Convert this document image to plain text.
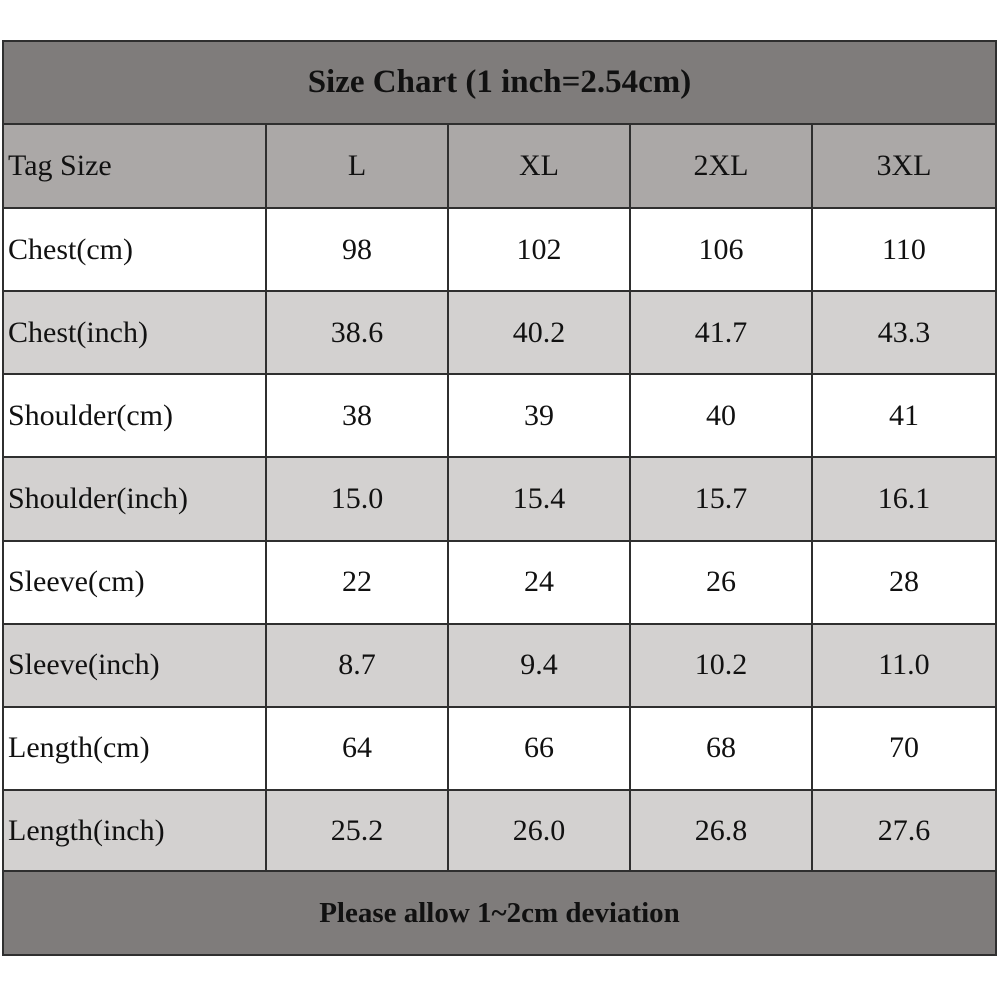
Size Chart (1 inch=2.54cm)
Tag Size	L	XL	2XL	3XL
Chest(cm)	98	102	106	110
Chest(inch)	38.6	40.2	41.7	43.3
Shoulder(cm)	38	39	40	41
Shoulder(inch)	15.0	15.4	15.7	16.1
Sleeve(cm)	22	24	26	28
Sleeve(inch)	8.7	9.4	10.2	11.0
Length(cm)	64	66	68	70
Length(inch)	25.2	26.0	26.8	27.6
Please allow 1~2cm deviation
